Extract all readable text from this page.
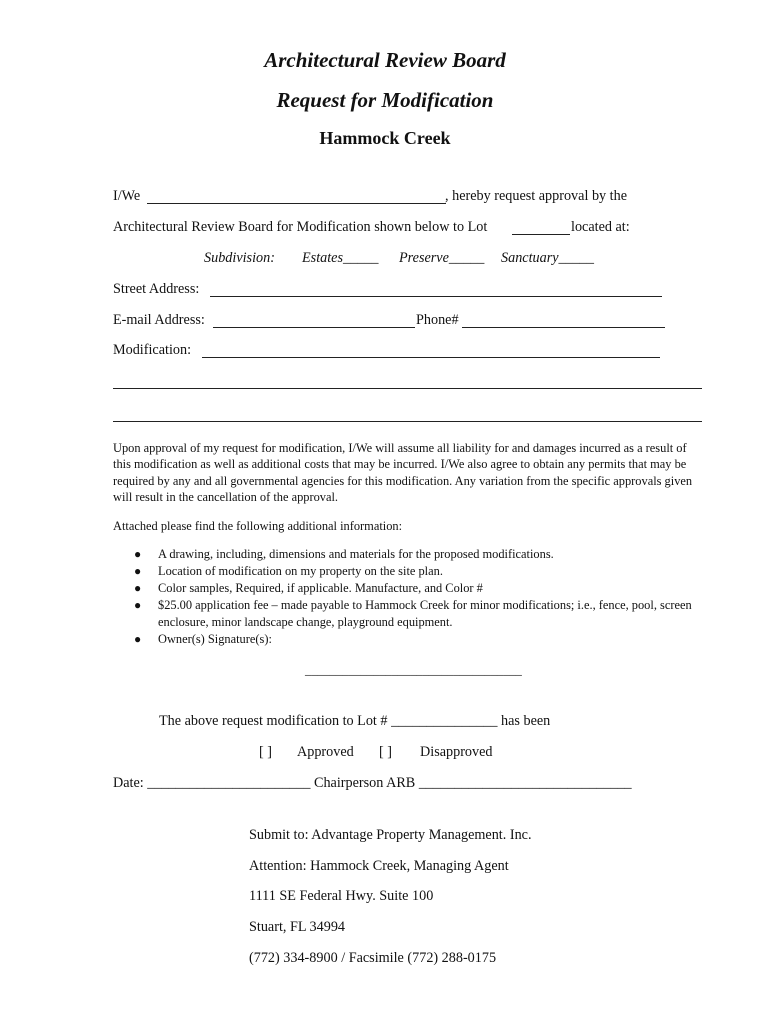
Architectural Review Board
Request for Modification
Hammock Creek
I/We	, hereby request approval by the
Architectural Review Board for Modification shown below to Lot	located at:
Subdivision: Estates_____ Preserve_____ Sanctuary_____
Street Address:
E-mail Address:	Phone#
Modification:
Upon approval of my request for modification, I/We will assume all liability for and damages incurred as a result of this modification as well as additional costs that may be incurred. I/We also agree to obtain any permits that may be required by any and all governmental agencies for this modification. Any variation from the specific approvals given will result in the cancellation of the approval.
Attached please find the following additional information:
● A drawing, including, dimensions and materials for the proposed modifications.
● Location of modification on my property on the site plan.
● Color samples, Required, if applicable. Manufacture, and Color #
● $25.00 application fee – made payable to Hammock Creek for minor modifications; i.e., fence, pool, screen enclosure, minor landscape change, playground equipment.
● Owner(s) Signature(s):
___________________________________
The above request modification to Lot # _______________ has been
[ ] Approved [ ] Disapproved
Date: _______________________ Chairperson ARB ______________________________
Submit to: Advantage Property Management. Inc.
Attention: Hammock Creek, Managing Agent
1111 SE Federal Hwy. Suite 100
Stuart, FL 34994
(772) 334-8900 / Facsimile (772) 288-0175
